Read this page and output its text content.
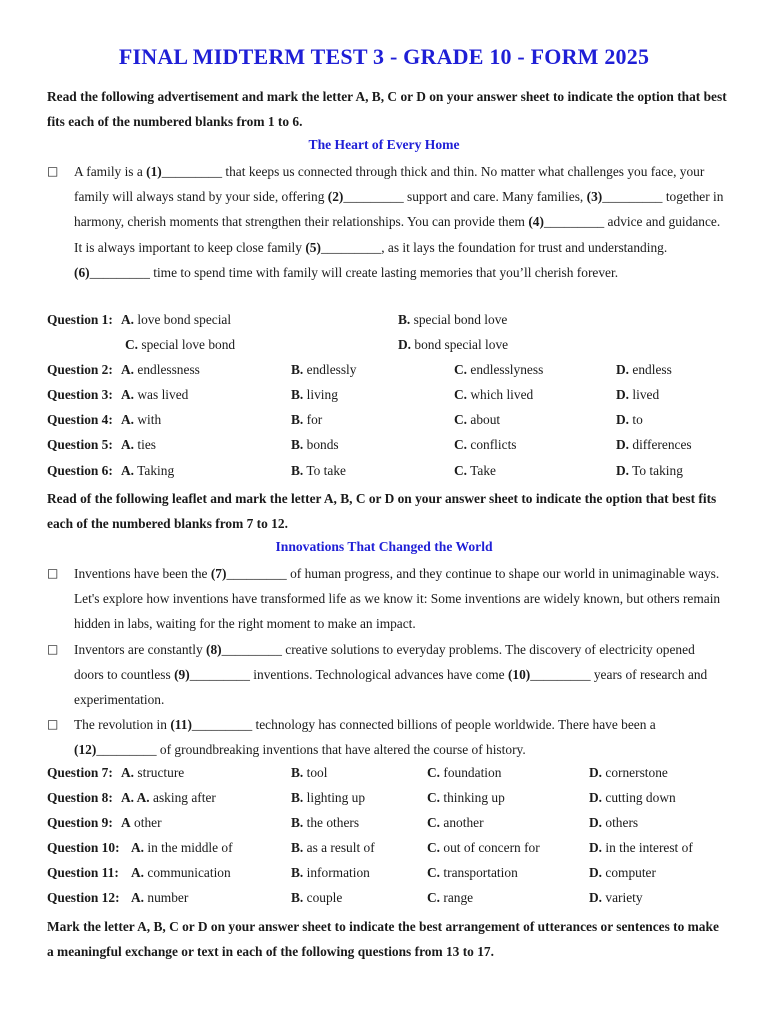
FINAL MIDTERM TEST 3 - GRADE 10 - FORM 2025
Read the following advertisement and mark the letter A, B, C or D on your answer sheet to indicate the option that best fits each of the numbered blanks from 1 to 6.
The Heart of Every Home
□ A family is a (1)_________ that keeps us connected through thick and thin. No matter what challenges you face, your family will always stand by your side, offering (2)_________ support and care. Many families, (3)_________ together in harmony, cherish moments that strengthen their relationships. You can provide them (4)_________ advice and guidance. It is always important to keep close family (5)_________, as it lays the foundation for trust and understanding. (6)_________ time to spend time with family will create lasting memories that you’ll cherish forever.
Question 1: A. love bond special	B. special bond love
C. special love bond	D. bond special love
Question 2: A. endlessness	B. endlessly	C. endlesslyness	D. endless
Question 3: A. was lived	B. living	C. which lived	D. lived
Question 4: A. with	B. for	C. about	D. to
Question 5: A. ties	B. bonds	C. conflicts	D. differences
Question 6: A. Taking	B. To take	C. Take	D. To taking
Read of the following leaflet and mark the letter A, B, C or D on your answer sheet to indicate the option that best fits each of the numbered blanks from 7 to 12.
Innovations That Changed the World
□ Inventions have been the (7)_________ of human progress, and they continue to shape our world in unimaginable ways. Let's explore how inventions have transformed life as we know it: Some inventions are widely known, but others remain hidden in labs, waiting for the right moment to make an impact.
□ Inventors are constantly (8)_________ creative solutions to everyday problems. The discovery of electricity opened doors to countless (9)_________ inventions. Technological advances have come (10)_________ years of research and experimentation.
□ The revolution in (11)_________ technology has connected billions of people worldwide. There have been a (12)_________ of groundbreaking inventions that have altered the course of history.
Question 7: A. structure	B. tool	C. foundation	D. cornerstone
Question 8: A. A. asking after	B. lighting up	C. thinking up	D. cutting down
Question 9: A other	B. the others	C. another	D. others
Question 10: A. in the middle of	B. as a result of	C. out of concern for	D. in the interest of
Question 11: A. communication	B. information	C. transportation	D. computer
Question 12: A. number	B. couple	C. range	D. variety
Mark the letter A, B, C or D on your answer sheet to indicate the best arrangement of utterances or sentences to make a meaningful exchange or text in each of the following questions from 13 to 17.
